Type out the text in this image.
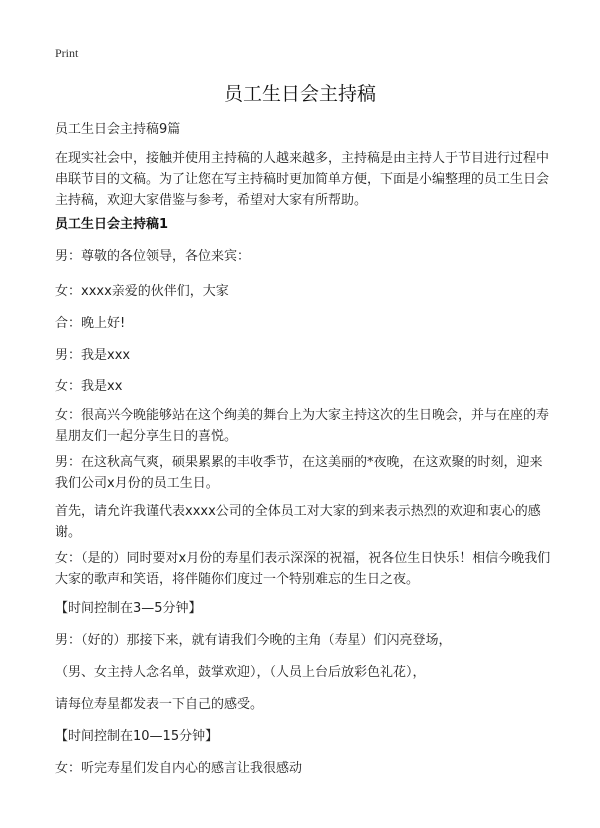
Print
员工生日会主持稿
员工生日会主持稿9篇
在现实社会中，接触并使用主持稿的人越来越多，主持稿是由主持人于节目进行过程中串联节目的文稿。为了让您在写主持稿时更加简单方便，下面是小编整理的员工生日会主持稿，欢迎大家借鉴与参考，希望对大家有所帮助。
员工生日会主持稿1
男：尊敬的各位领导，各位来宾：
女：xxxx亲爱的伙伴们，大家
合：晚上好!
男：我是xxx
女：我是xx
女：很高兴今晚能够站在这个绚美的舞台上为大家主持这次的生日晚会，并与在座的寿星朋友们一起分享生日的喜悦。
男：在这秋高气爽，硕果累累的丰收季节，在这美丽的*夜晚，在这欢聚的时刻，迎来我们公司x月份的员工生日。
首先，请允许我谨代表xxxx公司的全体员工对大家的到来表示热烈的欢迎和衷心的感谢。
女：（是的）同时要对x月份的寿星们表示深深的祝福，祝各位生日快乐！相信今晚我们大家的歌声和笑语，将伴随你们度过一个特别难忘的生日之夜。
【时间控制在3—5分钟】
男：（好的）那接下来，就有请我们今晚的主角（寿星）们闪亮登场，
（男、女主持人念名单，鼓掌欢迎），（人员上台后放彩色礼花），
请每位寿星都发表一下自己的感受。
【时间控制在10—15分钟】
女：听完寿星们发自内心的感言让我很感动
